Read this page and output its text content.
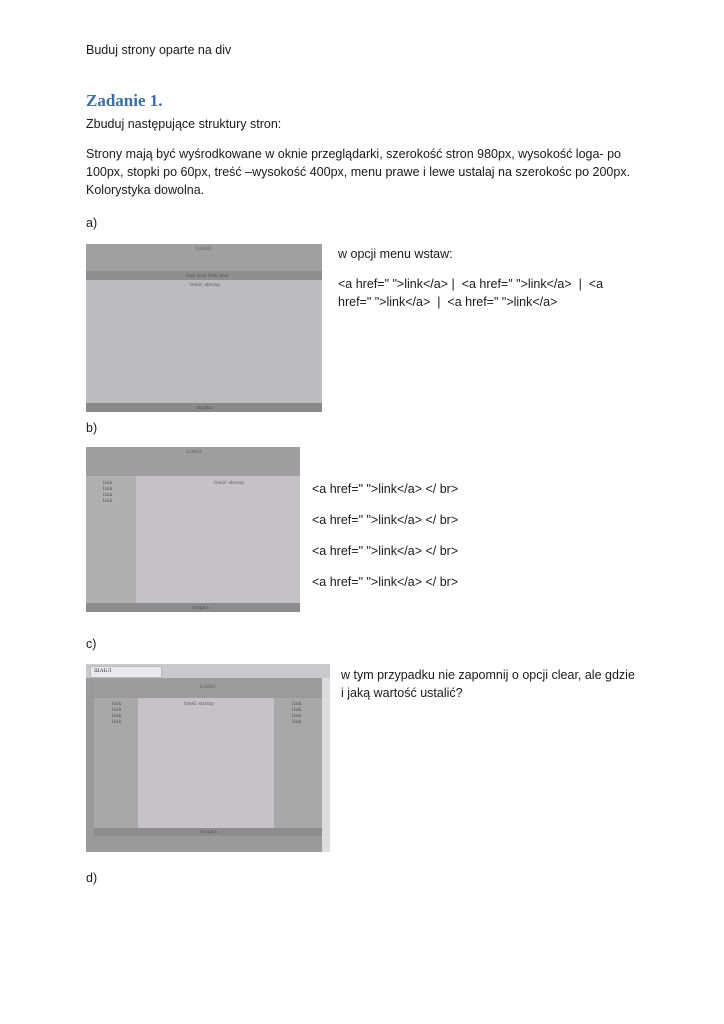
Buduj strony oparte na div
Zadanie 1.
Zbuduj następujące struktury stron:
Strony mają być wyśrodkowane w oknie przeglądarki, szerokość stron 980px, wysokość loga- po 100px, stopki po 60px, treść –wysokość 400px, menu prawe i lewe ustalaj na szerokośc po 200px. Kolorystyka dowolna.
a)
LOGO
link link link link
treść strony
stopka
w opcji menu wstaw:
<a href=" ">link</a> |  <a href=" ">link</a>  |  <a href=" ">link</a>  |  <a href=" ">link</a>
b)
LOGO
link
link
link
link
treść strony
stopka
<a href=" ">link</a> </ br>
<a href=" ">link</a> </ br>
<a href=" ">link</a> </ br>
<a href=" ">link</a> </ br>
c)
ШАБЛ
LOGO
link
link
link
link
treść strony	link
link
link
link
stopka
w tym przypadku nie zapomnij o opcji clear, ale gdzie i jaką wartość ustalić?
d)
